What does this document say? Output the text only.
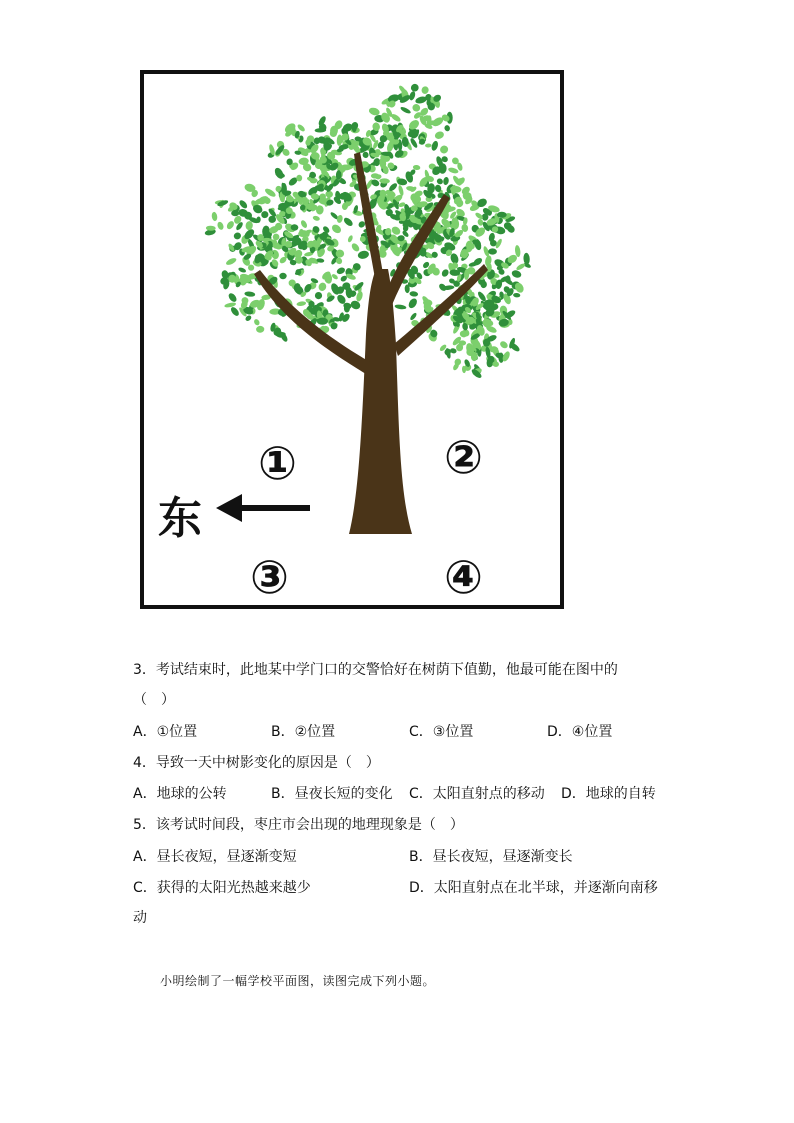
①	②
③	④
东
3．考试结束时，此地某中学门口的交警恰好在树荫下值勤，他最可能在图中的
（　）
A．①位置	B．②位置	C．③位置	D．④位置
4．导致一天中树影变化的原因是（　）
A．地球的公转	B．昼夜长短的变化 C．太阳直射点的移动 D．地球的自转
5．该考试时间段，枣庄市会出现的地理现象是（　）
A．昼长夜短，昼逐渐变短	B．昼长夜短，昼逐渐变长
C．获得的太阳光热越来越少	D．太阳直射点在北半球，并逐渐向南移
动
小明绘制了一幅学校平面图，读图完成下列小题。
